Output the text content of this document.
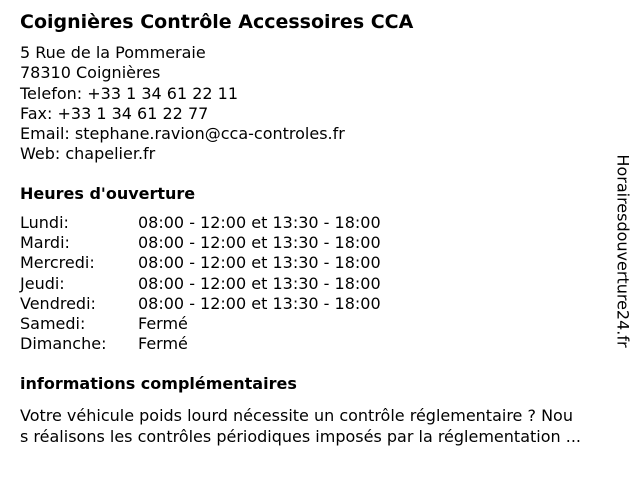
Coignières Contrôle Accessoires CCA
5 Rue de la Pommeraie
78310 Coignières
Telefon: +33 1 34 61 22 11
Fax: +33 1 34 61 22 77
Email: stephane.ravion@cca-controles.fr
Web: chapelier.fr
Heures d'ouverture
Lundi:	08:00 - 12:00 et 13:30 - 18:00
Mardi:	08:00 - 12:00 et 13:30 - 18:00
Mercredi:	08:00 - 12:00 et 13:30 - 18:00
Jeudi:	08:00 - 12:00 et 13:30 - 18:00
Vendredi:	08:00 - 12:00 et 13:30 - 18:00
Samedi:	Fermé
Dimanche: Fermé
informations complémentaires
Votre véhicule poids lourd nécessite un contrôle réglementaire ? Nou
s réalisons les contrôles périodiques imposés par la réglementation ...
Horairesdouverture24.fr
